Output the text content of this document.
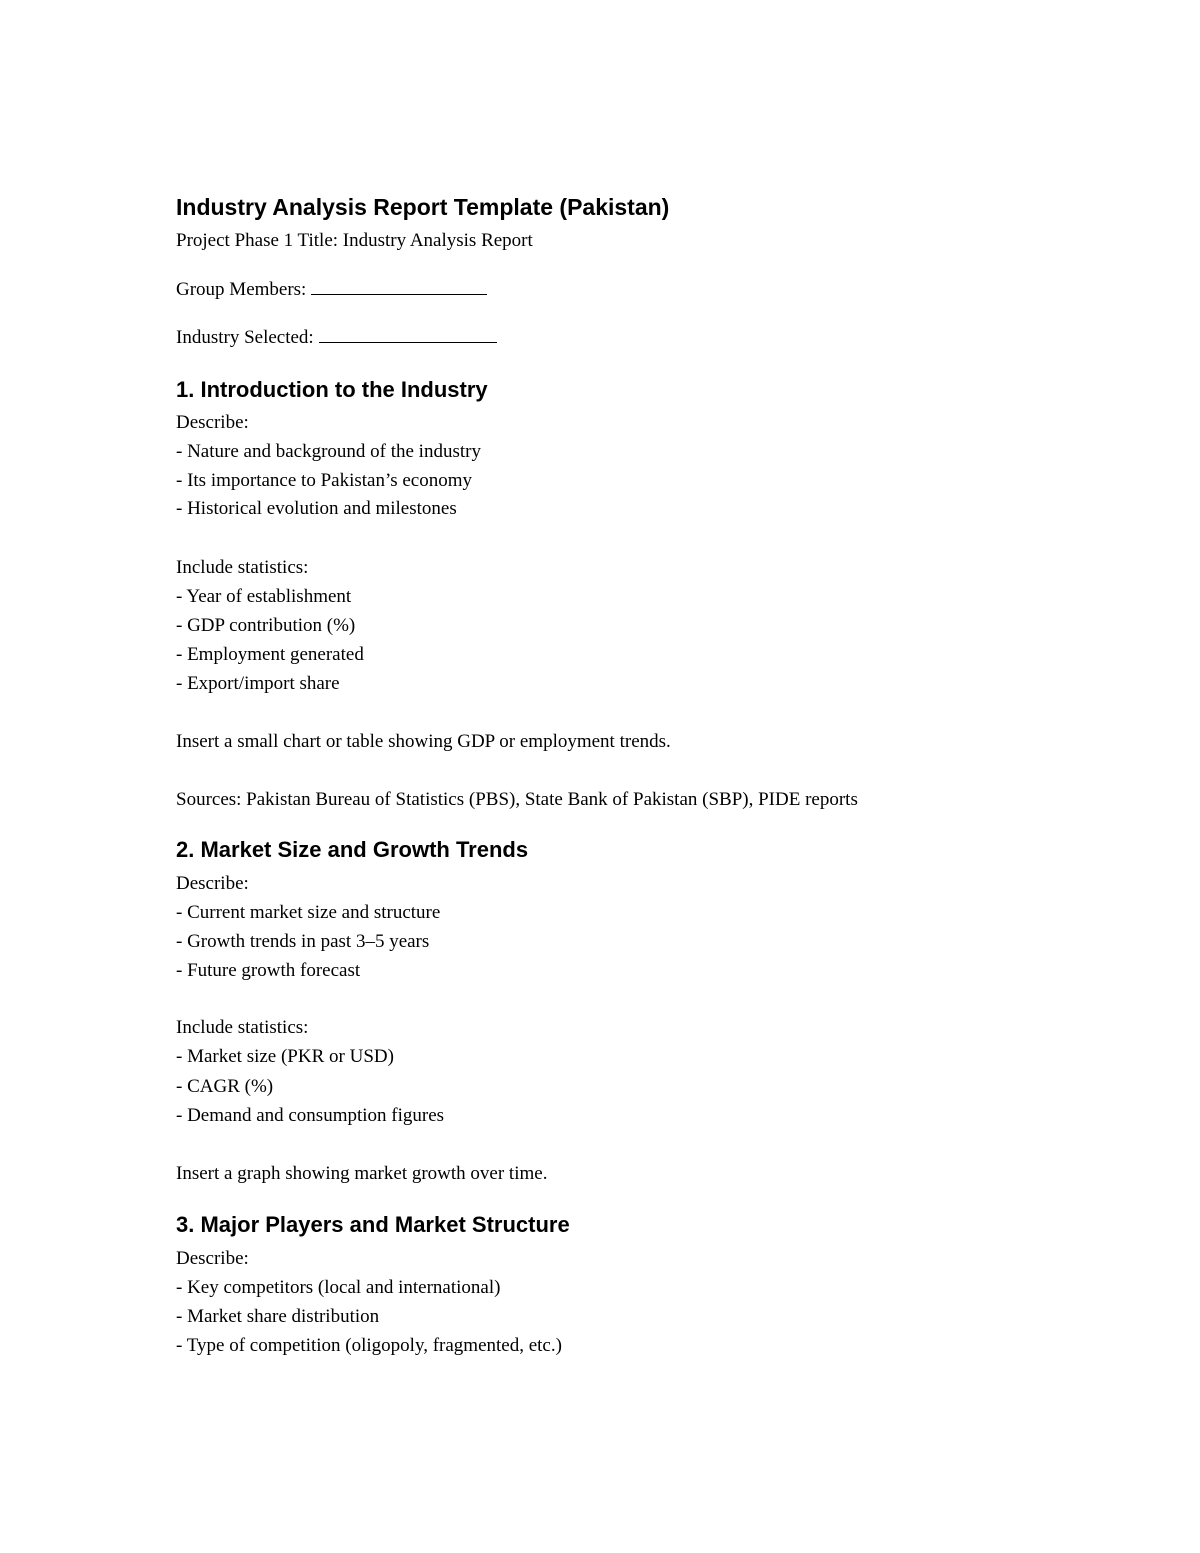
Industry Analysis Report Template (Pakistan)
Project Phase 1 Title: Industry Analysis Report
Group Members:
Industry Selected:
1. Introduction to the Industry
Describe:
- Nature and background of the industry
- Its importance to Pakistan’s economy
- Historical evolution and milestones
Include statistics:
- Year of establishment
- GDP contribution (%)
- Employment generated
- Export/import share
Insert a small chart or table showing GDP or employment trends.
Sources: Pakistan Bureau of Statistics (PBS), State Bank of Pakistan (SBP), PIDE reports
2. Market Size and Growth Trends
Describe:
- Current market size and structure
- Growth trends in past 3–5 years
- Future growth forecast
Include statistics:
- Market size (PKR or USD)
- CAGR (%)
- Demand and consumption figures
Insert a graph showing market growth over time.
3. Major Players and Market Structure
Describe:
- Key competitors (local and international)
- Market share distribution
- Type of competition (oligopoly, fragmented, etc.)
